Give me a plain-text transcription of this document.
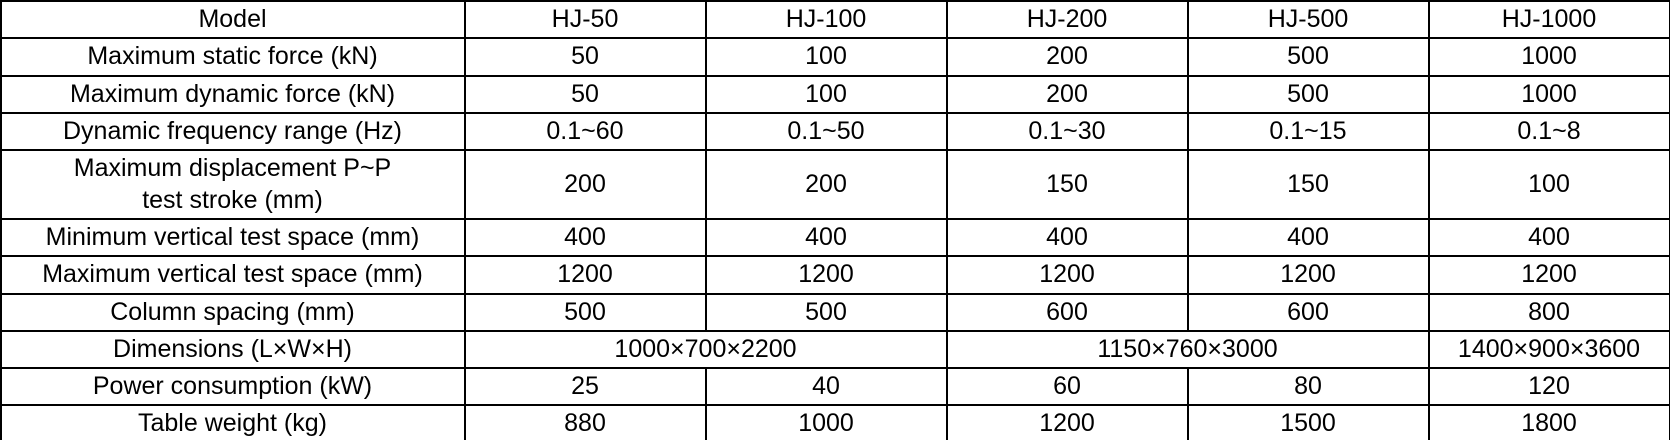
Model	HJ-50	HJ-100	HJ-200	HJ-500	HJ-1000
Maximum static force (kN)	50	100	200	500	1000
Maximum dynamic force (kN)	50	100	200	500	1000
Dynamic frequency range (Hz)	0.1~60	0.1~50	0.1~30	0.1~15	0.1~8
Maximum displacement P~P
test stroke (mm)	200	200	150	150	100
Minimum vertical test space (mm)	400	400	400	400	400
Maximum vertical test space (mm)	1200	1200	1200	1200	1200
Column spacing (mm)	500	500	600	600	800
Dimensions (L×W×H)	1000×700×2200		1150×760×3000		1400×900×3600
Power consumption (kW)	25	40	60	80	120
Table weight (kg)	880	1000	1200	1500	1800
